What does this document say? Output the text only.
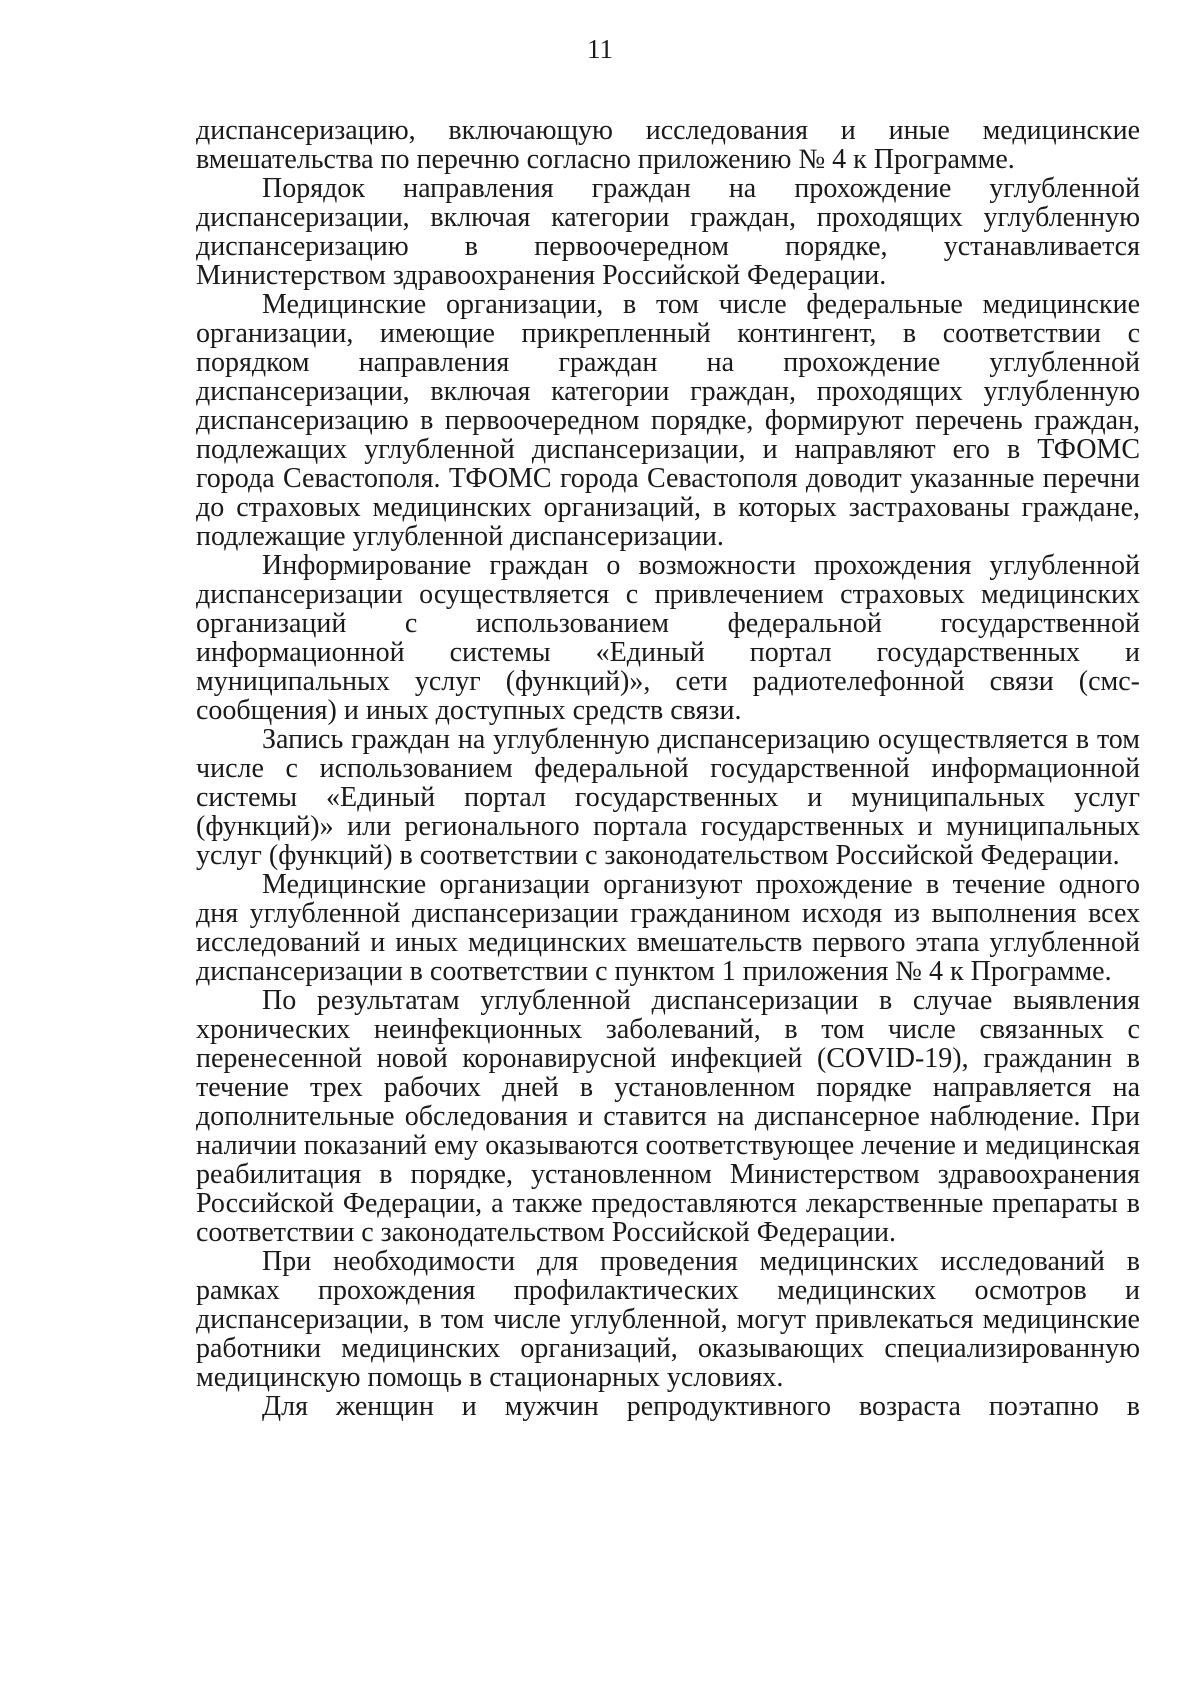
11

диспансеризацию, включающую исследования и иные медицинские
вмешательства по перечню согласно приложению № 4 к Программе.

Порядок направления граждан на прохождение углубленной
диспансеризации, включая категории граждан, проходящих углубленную
диспансеризацию в первоочередном порядке, устанавливается
Министерством здравоохранения Российской Федерации.

Медицинские организации, в том числе федеральные медицинские
организации, имеющие прикрепленный контингент, в соответствии с
порядком направления граждан на прохождение углубленной
диспансеризации, включая категории граждан, проходящих углубленную
диспансеризацию в первоочередном порядке, формируют перечень граждан,
подлежащих углубленной диспансеризации, и направляют его в ТФОМС
города Севастополя. ТФОМС города Севастополя доводит указанные перечни
до страховых медицинских организаций, в которых застрахованы граждане,
подлежащие углубленной диспансеризации.

Информирование граждан о возможности прохождения углубленной
диспансеризации осуществляется с привлечением страховых медицинских
организаций с использованием федеральной государственной
информационной системы «Единый портал государственных и
муниципальных услуг (функций)», сети радиотелефонной связи (смс-
сообщения) и иных доступных средств связи.

Запись граждан на углубленную диспансеризацию осуществляется в том
числе с использованием федеральной государственной информационной
системы «Единый портал государственных и муниципальных услуг
(функций)» или регионального портала государственных и муниципальных
услуг (функций) в соответствии с законодательством Российской Федерации.

Медицинские организации организуют прохождение в течение одного
дня углубленной диспансеризации гражданином исходя из выполнения всех
исследований и иных медицинских вмешательств первого этапа углубленной
диспансеризации в соответствии с пунктом 1 приложения № 4 к Программе.

По результатам углубленной диспансеризации в случае выявления
хронических неинфекционных заболеваний, в том числе связанных с
перенесенной новой коронавирусной инфекцией (COVID-19), гражданин в
течение трех рабочих дней в установленном порядке направляется на
дополнительные обследования и ставится на диспансерное наблюдение. При
наличии показаний ему оказываются соответствующее лечение и медицинская
реабилитация в порядке, установленном Министерством здравоохранения
Российской Федерации, а также предоставляются лекарственные препараты в
соответствии с законодательством Российской Федерации.

При необходимости для проведения медицинских исследований в
рамках прохождения профилактических медицинских осмотров и
диспансеризации, в том числе углубленной, могут привлекаться медицинские
работники медицинских организаций, оказывающих специализированную
медицинскую помощь в стационарных условиях.

Для женщин и мужчин репродуктивного возраста поэтапно в
